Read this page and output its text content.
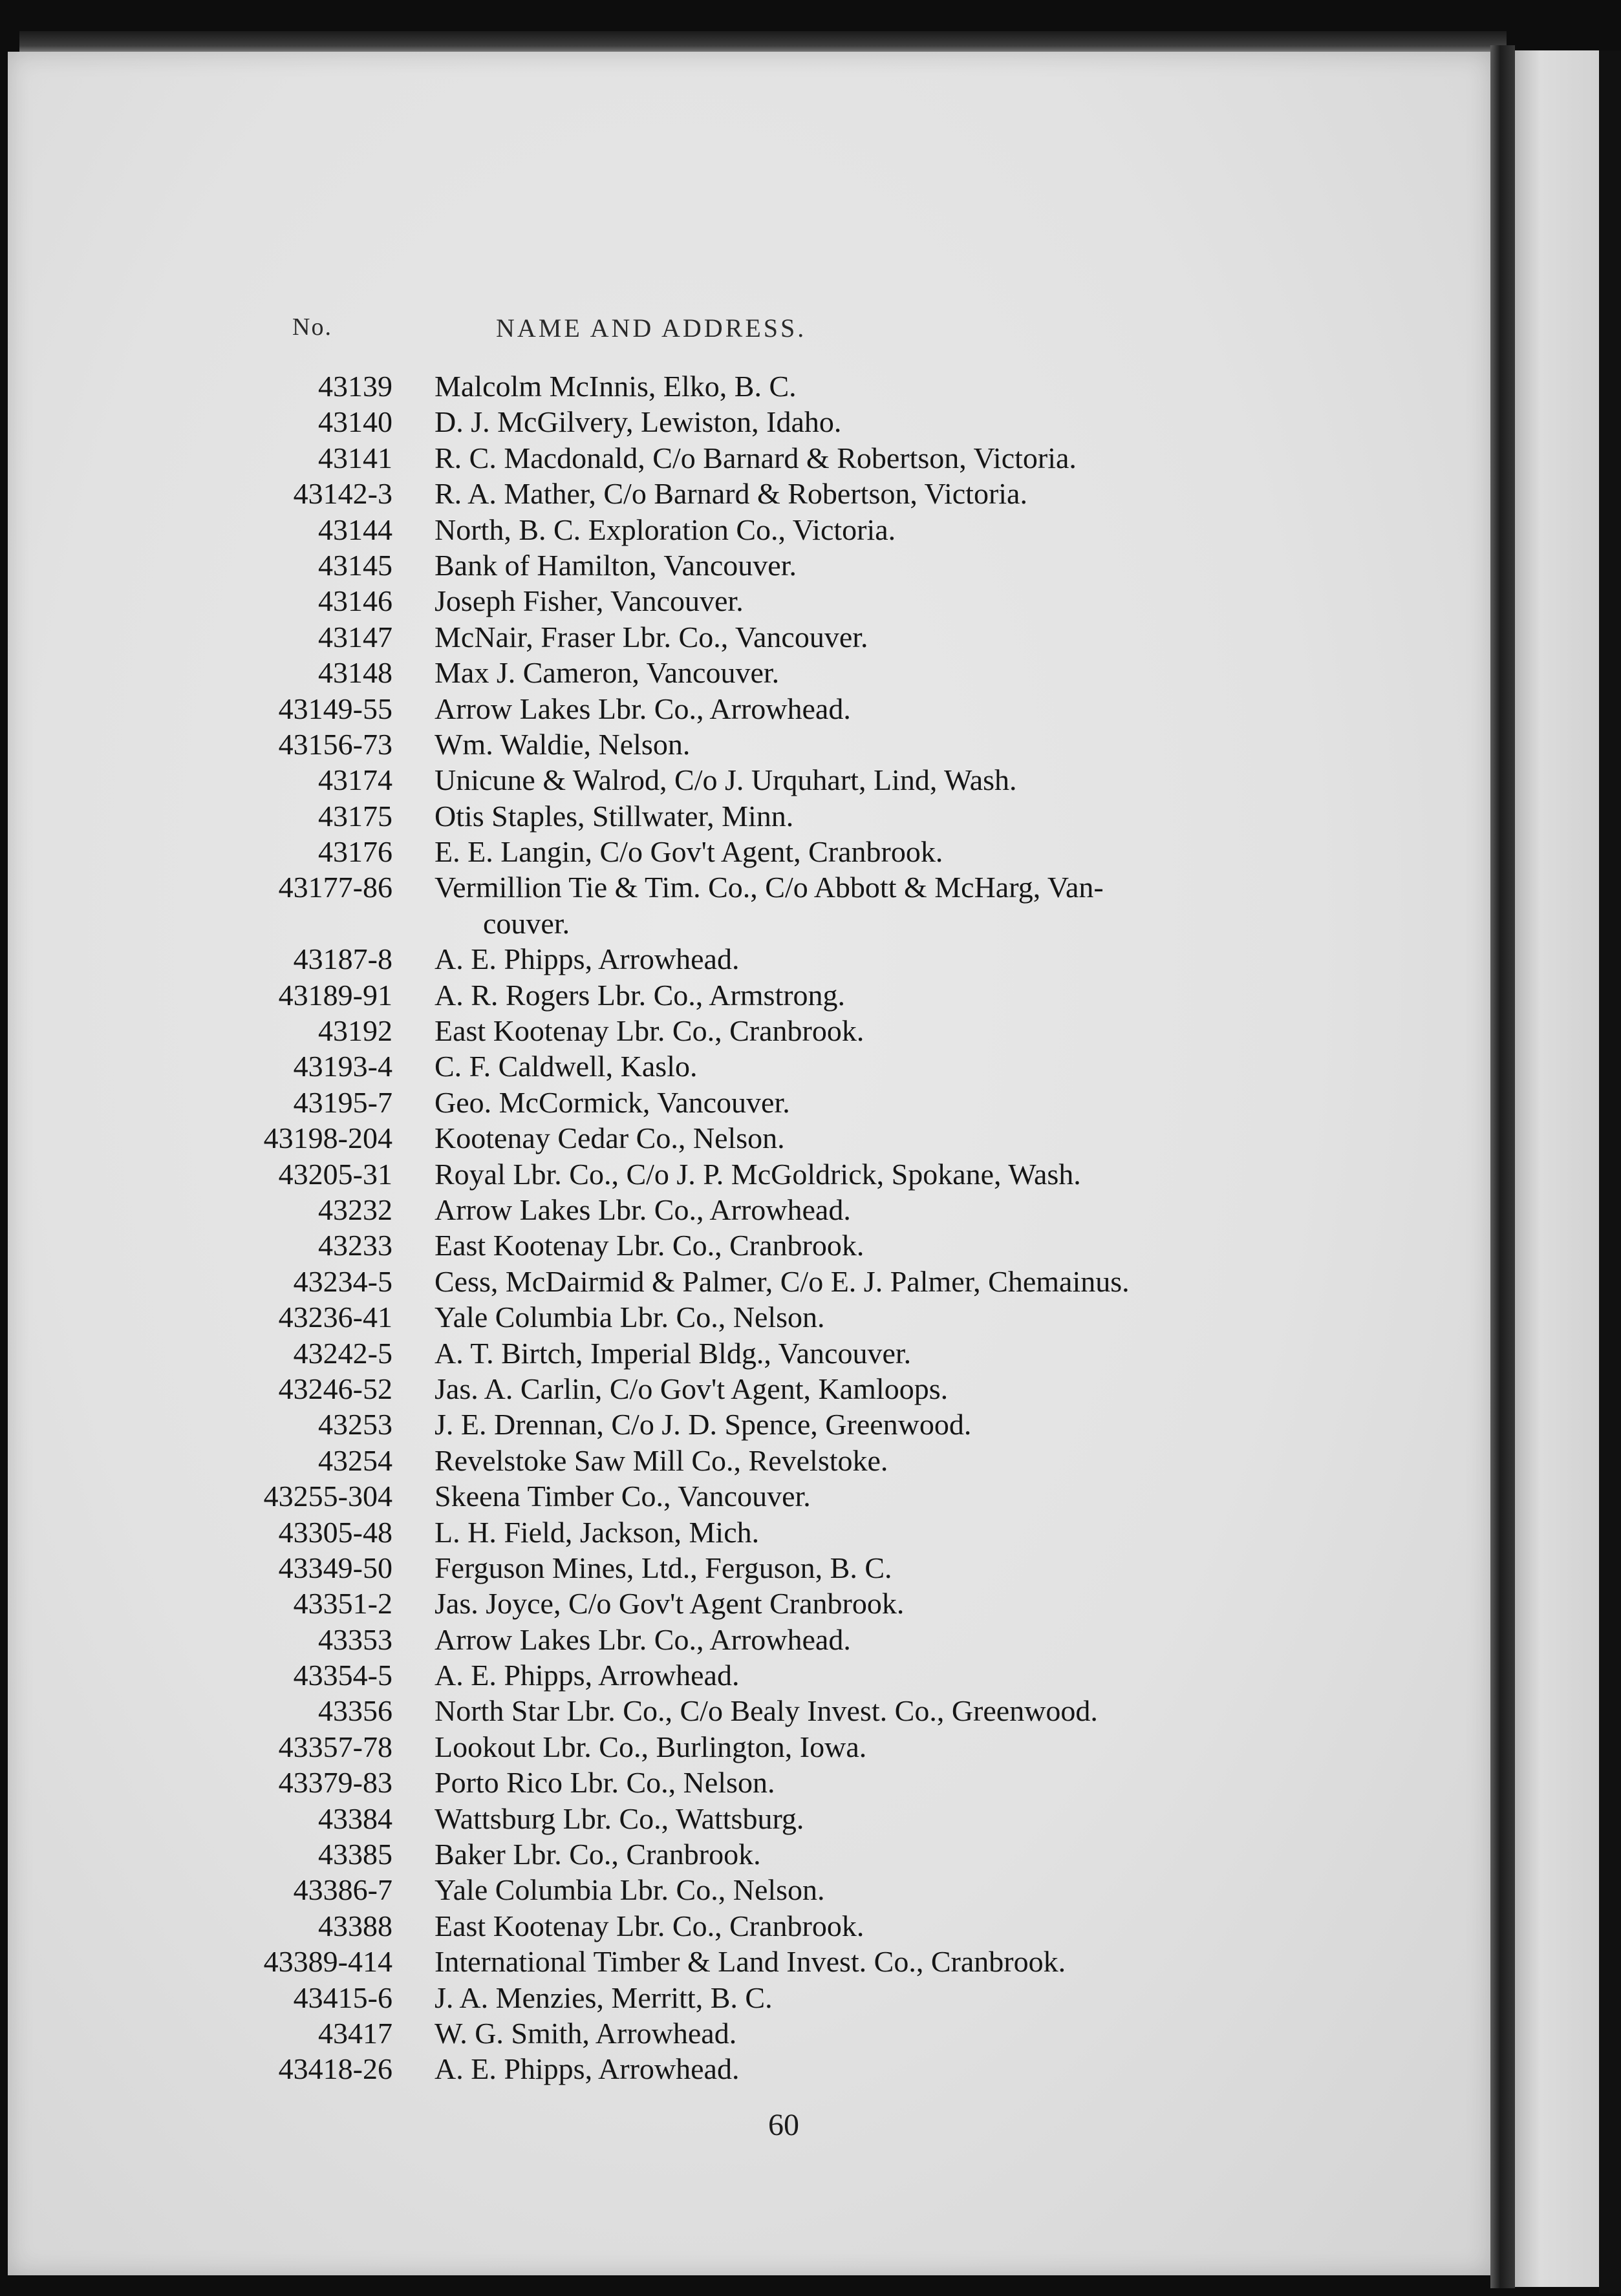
No.	NAME AND ADDRESS.
43139 Malcolm McInnis, Elko, B. C.
43140 D. J. McGilvery, Lewiston, Idaho.
43141 R. C. Macdonald, C/o Barnard & Robertson, Victoria.
43142-3 R. A. Mather, C/o Barnard & Robertson, Victoria.
43144 North, B. C. Exploration Co., Victoria.
43145 Bank of Hamilton, Vancouver.
43146 Joseph Fisher, Vancouver.
43147 McNair, Fraser Lbr. Co., Vancouver.
43148 Max J. Cameron, Vancouver.
43149-55 Arrow Lakes Lbr. Co., Arrowhead.
43156-73 Wm. Waldie, Nelson.
43174 Unicune & Walrod, C/o J. Urquhart, Lind, Wash.
43175 Otis Staples, Stillwater, Minn.
43176 E. E. Langin, C/o Gov't Agent, Cranbrook.
43177-86 Vermillion Tie & Tim. Co., C/o Abbott & McHarg, Van-
couver.
43187-8 A. E. Phipps, Arrowhead.
43189-91 A. R. Rogers Lbr. Co., Armstrong.
43192 East Kootenay Lbr. Co., Cranbrook.
43193-4 C. F. Caldwell, Kaslo.
43195-7 Geo. McCormick, Vancouver.
43198-204 Kootenay Cedar Co., Nelson.
43205-31 Royal Lbr. Co., C/o J. P. McGoldrick, Spokane, Wash.
43232 Arrow Lakes Lbr. Co., Arrowhead.
43233 East Kootenay Lbr. Co., Cranbrook.
43234-5 Cess, McDairmid & Palmer, C/o E. J. Palmer, Chemainus.
43236-41 Yale Columbia Lbr. Co., Nelson.
43242-5 A. T. Birtch, Imperial Bldg., Vancouver.
43246-52 Jas. A. Carlin, C/o Gov't Agent, Kamloops.
43253 J. E. Drennan, C/o J. D. Spence, Greenwood.
43254 Revelstoke Saw Mill Co., Revelstoke.
43255-304 Skeena Timber Co., Vancouver.
43305-48 L. H. Field, Jackson, Mich.
43349-50 Ferguson Mines, Ltd., Ferguson, B. C.
43351-2 Jas. Joyce, C/o Gov't Agent Cranbrook.
43353 Arrow Lakes Lbr. Co., Arrowhead.
43354-5 A. E. Phipps, Arrowhead.
43356 North Star Lbr. Co., C/o Bealy Invest. Co., Greenwood.
43357-78 Lookout Lbr. Co., Burlington, Iowa.
43379-83 Porto Rico Lbr. Co., Nelson.
43384 Wattsburg Lbr. Co., Wattsburg.
43385 Baker Lbr. Co., Cranbrook.
43386-7 Yale Columbia Lbr. Co., Nelson.
43388 East Kootenay Lbr. Co., Cranbrook.
43389-414 International Timber & Land Invest. Co., Cranbrook.
43415-6 J. A. Menzies, Merritt, B. C.
43417 W. G. Smith, Arrowhead.
43418-26 A. E. Phipps, Arrowhead.
60
